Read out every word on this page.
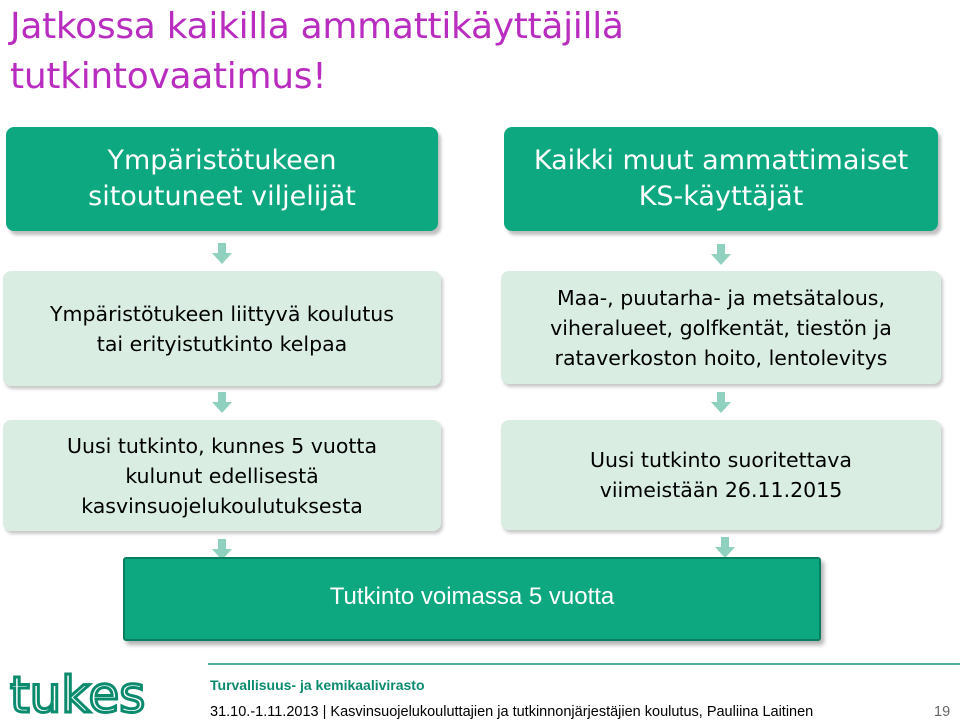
Jatkossa kaikilla ammattikäyttäjillä
tutkintovaatimus!
Ympäristötukeen
sitoutuneet viljelijät
Ympäristötukeen liittyvä koulutus
tai erityistutkinto kelpaa
Uusi tutkinto, kunnes 5 vuotta
kulunut edellisestä
kasvinsuojelukoulutuksesta
Kaikki muut ammattimaiset
KS-käyttäjät
Maa-, puutarha- ja metsätalous,
viheralueet, golfkentät, tiestön ja
rataverkoston hoito, lentolevitys
Uusi tutkinto suoritettava
viimeistään 26.11.2015
Tutkinto voimassa 5 vuotta
tukes	Turvallisuus- ja kemikaalivirasto
31.10.-1.11.2013 | Kasvinsuojelukouluttajien ja tutkinnonjärjestäjien koulutus, Pauliina Laitinen	19
